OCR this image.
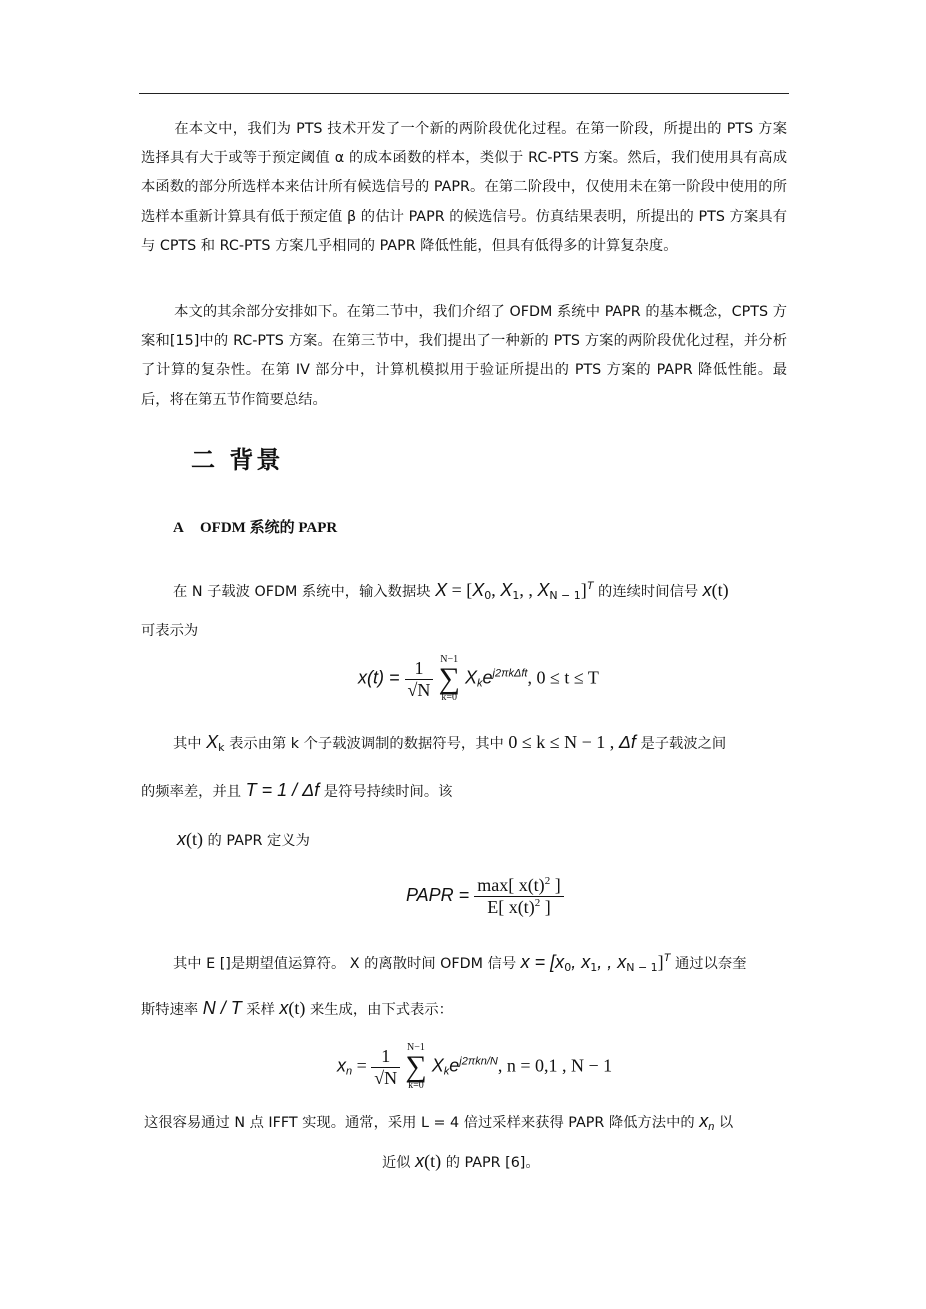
在本文中，我们为 PTS 技术开发了一个新的两阶段优化过程。在第一阶段，所提出的 PTS 方案选择具有大于或等于预定阈值 α 的成本函数的样本，类似于 RC-PTS 方案。然后，我们使用具有高成本函数的部分所选样本来估计所有候选信号的 PAPR。在第二阶段中，仅使用未在第一阶段中使用的所选样本重新计算具有低于预定值 β 的估计 PAPR 的候选信号。仿真结果表明，所提出的 PTS 方案具有与 CPTS 和 RC-PTS 方案几乎相同的 PAPR 降低性能，但具有低得多的计算复杂度。

本文的其余部分安排如下。在第二节中，我们介绍了 OFDM 系统中 PAPR 的基本概念，CPTS 方案和[15]中的 RC-PTS 方案。在第三节中，我们提出了一种新的 PTS 方案的两阶段优化过程，并分析了计算的复杂性。在第 IV 部分中，计算机模拟用于验证所提出的 PTS 方案的 PAPR 降低性能。最后，将在第五节作简要总结。

二 背景
A OFDM 系统的 PAPR

在 N 子载波 OFDM 系统中，输入数据块 $X = [X_0$, $X_1$, , $X_{N - 1}]^T$ 的连续时间信号 x(t)

可表示为

$x(t) = \frac{1}{√N}$
N−1
∑
k=0
$X_ke^{j2\pi k\Delta ft}$, 0 ≤ t ≤ T

其中 $X_k$ 表示由第 k 个子载波调制的数据符号，其中 0 ≤ k ≤ N − 1 , Δf 是子载波之间

的频率差，并且 T = 1 / Δf 是符号持续时间。该

x(t) 的 PAPR 定义为

PAPR = $\frac{\max[ x(t)^2 ]}{E[ x(t)^2 ]}$

其中 E []是期望值运算符。 X 的离散时间 OFDM 信号 $x = [x_0$, $x_1$, , $x_{N - 1}]^T$ 通过以奈奎

斯特速率 N / T 采样 x(t) 来生成，由下式表示：

$x_n = \frac{1}{√N}$
N−1
∑
k=0
$X_ke^{j2\pi kn/N}$, n = 0,1 , N − 1

这很容易通过 N 点 IFFT 实现。通常，采用 L = 4 倍过采样来获得 PAPR 降低方法中的 $x_n$ 以

近似 x(t) 的 PAPR [6]。
